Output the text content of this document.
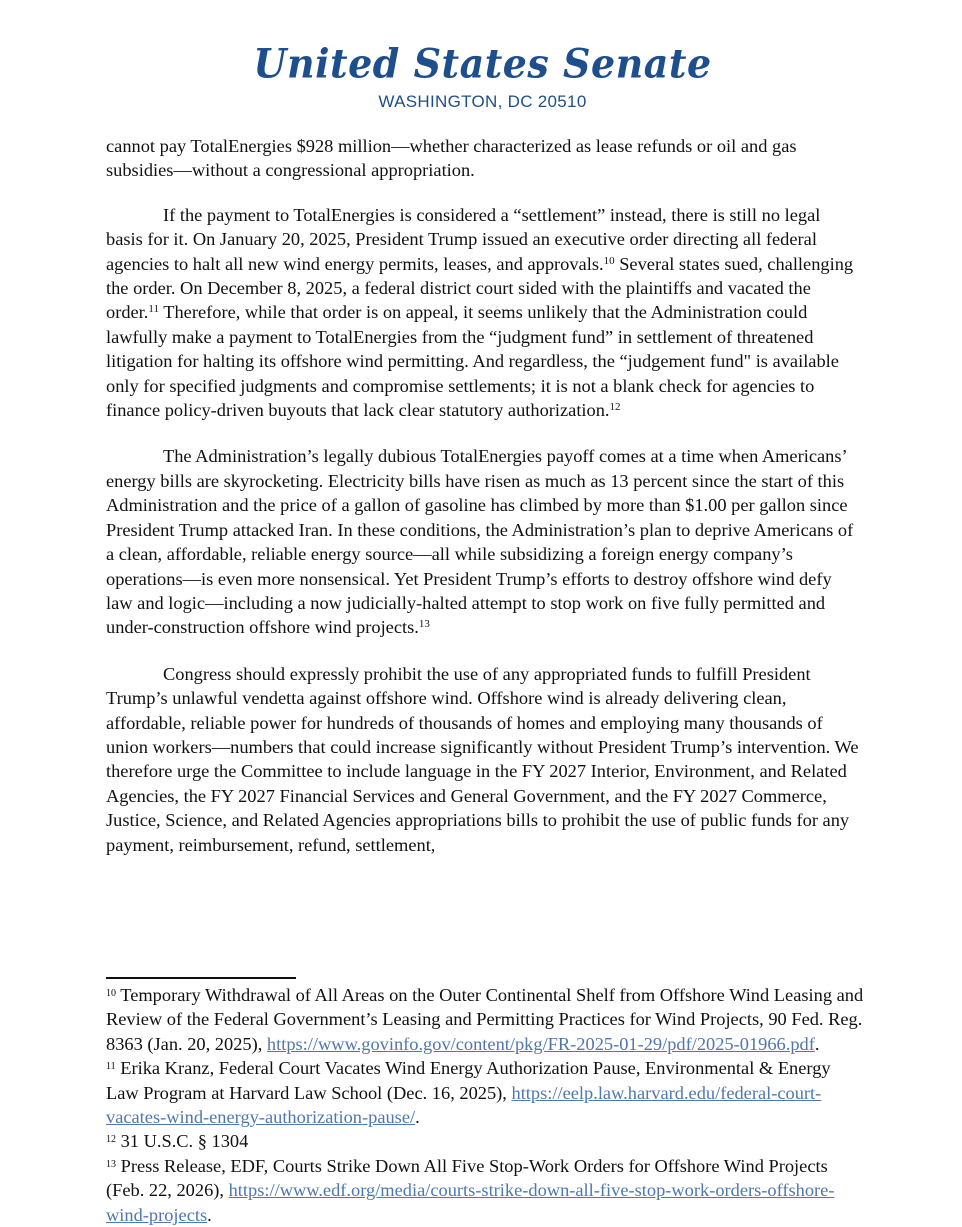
United States Senate
WASHINGTON, DC 20510

cannot pay TotalEnergies $928 million—whether characterized as lease refunds or oil and gas subsidies—without a congressional appropriation.

If the payment to TotalEnergies is considered a “settlement” instead, there is still no legal basis for it. On January 20, 2025, President Trump issued an executive order directing all federal agencies to halt all new wind energy permits, leases, and approvals.$^{10}$ Several states sued, challenging the order. On December 8, 2025, a federal district court sided with the plaintiffs and vacated the order.$^{11}$ Therefore, while that order is on appeal, it seems unlikely that the Administration could lawfully make a payment to TotalEnergies from the “judgment fund” in settlement of threatened litigation for halting its offshore wind permitting. And regardless, the “judgement fund" is available only for specified judgments and compromise settlements; it is not a blank check for agencies to finance policy-driven buyouts that lack clear statutory authorization.$^{12}$

The Administration’s legally dubious TotalEnergies payoff comes at a time when Americans’ energy bills are skyrocketing. Electricity bills have risen as much as 13 percent since the start of this Administration and the price of a gallon of gasoline has climbed by more than $1.00 per gallon since President Trump attacked Iran. In these conditions, the Administration’s plan to deprive Americans of a clean, affordable, reliable energy source—all while subsidizing a foreign energy company’s operations—is even more nonsensical. Yet President Trump’s efforts to destroy offshore wind defy law and logic—including a now judicially-halted attempt to stop work on five fully permitted and under-construction offshore wind projects.$^{13}$

Congress should expressly prohibit the use of any appropriated funds to fulfill President Trump’s unlawful vendetta against offshore wind. Offshore wind is already delivering clean, affordable, reliable power for hundreds of thousands of homes and employing many thousands of union workers—numbers that could increase significantly without President Trump’s intervention. We therefore urge the Committee to include language in the FY 2027 Interior, Environment, and Related Agencies, the FY 2027 Financial Services and General Government, and the FY 2027 Commerce, Justice, Science, and Related Agencies appropriations bills to prohibit the use of public funds for any payment, reimbursement, refund, settlement,

$^{10}$ Temporary Withdrawal of All Areas on the Outer Continental Shelf from Offshore Wind Leasing and Review of the Federal Government’s Leasing and Permitting Practices for Wind Projects, 90 Fed. Reg. 8363 (Jan. 20, 2025), https://www.govinfo.gov/content/pkg/FR-2025-01-29/pdf/2025-01966.pdf.

$^{11}$ Erika Kranz, Federal Court Vacates Wind Energy Authorization Pause, Environmental & Energy Law Program at Harvard Law School (Dec. 16, 2025), https://eelp.law.harvard.edu/federal-court-vacates-wind-energy-authorization-pause/.

$^{12}$ 31 U.S.C. § 1304

$^{13}$ Press Release, EDF, Courts Strike Down All Five Stop-Work Orders for Offshore Wind Projects (Feb. 22, 2026), https://www.edf.org/media/courts-strike-down-all-five-stop-work-orders-offshore-wind-projects.
